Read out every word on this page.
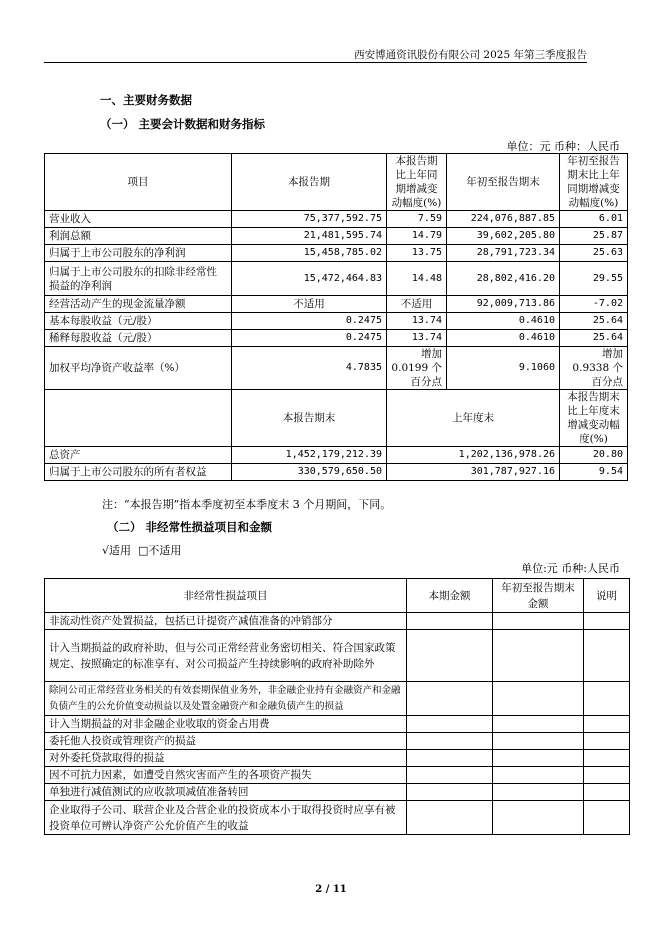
西安博通资讯股份有限公司 2025 年第三季度报告
一、主要财务数据
（一） 主要会计数据和财务指标
单位：元 币种：人民币
项目	本报告期	本报告期比上年同期增减变动幅度(%)	年初至报告期末	年初至报告期末比上年同期增减变动幅度(%)
营业收入	75,377,592.75	7.59	224,076,887.85	6.01
利润总额	21,481,595.74	14.79	39,602,205.80	25.87
归属于上市公司股东的净利润	15,458,785.02	13.75	28,791,723.34	25.63
归属于上市公司股东的扣除非经常性损益的净利润	15,472,464.83	14.48	28,802,416.20	29.55
经营活动产生的现金流量净额	不适用	不适用	92,009,713.86	-7.02
基本每股收益（元/股）	0.2475	13.74	0.4610	25.64
稀释每股收益（元/股）	0.2475	13.74	0.4610	25.64
加权平均净资产收益率（%）	4.7835	增加 0.0199 个百分点	9.1060	增加 0.9338 个百分点
	本报告期末	上年度末		本报告期末比上年度末增减变动幅度(%)
总资产	1,452,179,212.39	1,202,136,978.26		20.80
归属于上市公司股东的所有者权益	330,579,650.50	301,787,927.16		9.54
注：“本报告期”指本季度初至本季度末 3 个月期间，下同。
（二） 非经常性损益项目和金额
√适用 □不适用
单位:元 币种:人民币
非经常性损益项目	本期金额	年初至报告期末金额	说明
非流动性资产处置损益，包括已计提资产减值准备的冲销部分			
计入当期损益的政府补助，但与公司正常经营业务密切相关、符合国家政策规定、按照确定的标准享有、对公司损益产生持续影响的政府补助除外			
除同公司正常经营业务相关的有效套期保值业务外，非金融企业持有金融资产和金融负债产生的公允价值变动损益以及处置金融资产和金融负债产生的损益			
计入当期损益的对非金融企业收取的资金占用费			
委托他人投资或管理资产的损益			
对外委托贷款取得的损益			
因不可抗力因素，如遭受自然灾害而产生的各项资产损失			
单独进行减值测试的应收款项减值准备转回			
企业取得子公司、联营企业及合营企业的投资成本小于取得投资时应享有被投资单位可辨认净资产公允价值产生的收益			
2 / 11
